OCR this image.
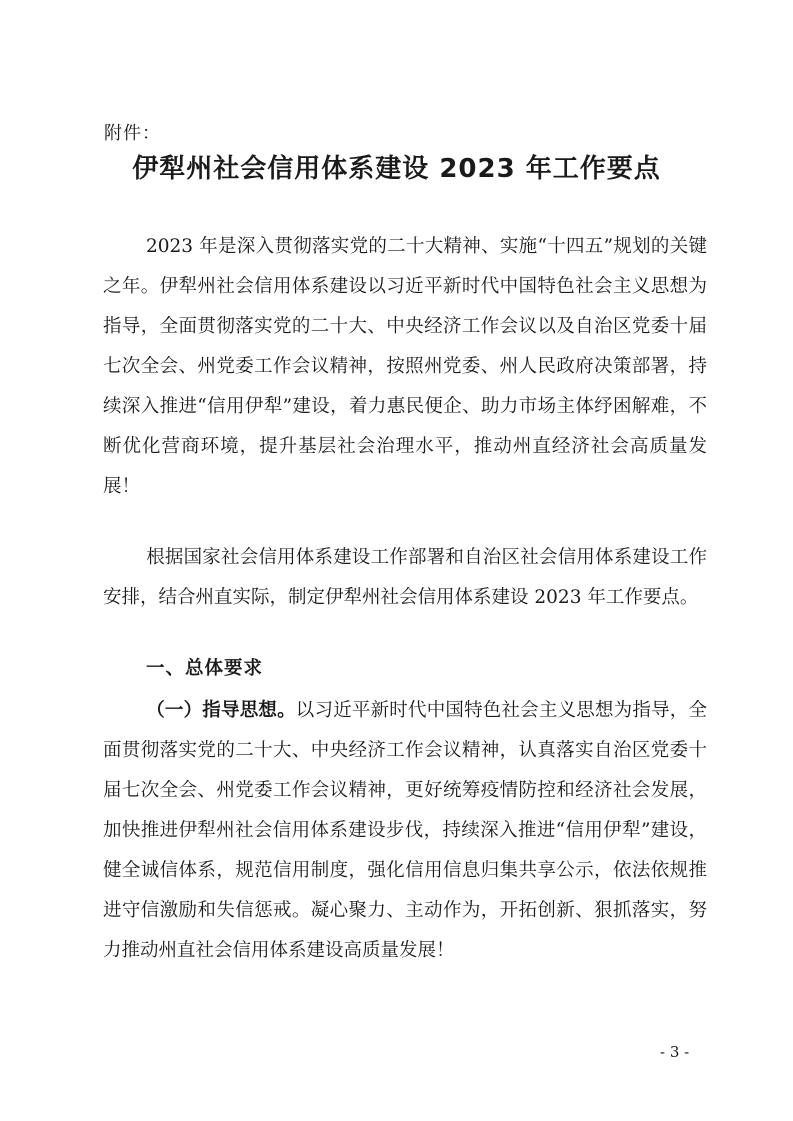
附件：

伊犁州社会信用体系建设 2023 年工作要点

2023 年是深入贯彻落实党的二十大精神、实施“十四五”规划的关键之年。伊犁州社会信用体系建设以习近平新时代中国特色社会主义思想为指导，全面贯彻落实党的二十大、中央经济工作会议以及自治区党委十届七次全会、州党委工作会议精神，按照州党委、州人民政府决策部署，持续深入推进“信用伊犁”建设，着力惠民便企、助力市场主体纾困解难，不断优化营商环境，提升基层社会治理水平，推动州直经济社会高质量发展！

根据国家社会信用体系建设工作部署和自治区社会信用体系建设工作安排，结合州直实际，制定伊犁州社会信用体系建设 2023 年工作要点。

一、总体要求

（一）指导思想。以习近平新时代中国特色社会主义思想为指导，全面贯彻落实党的二十大、中央经济工作会议精神，认真落实自治区党委十届七次全会、州党委工作会议精神，更好统筹疫情防控和经济社会发展，加快推进伊犁州社会信用体系建设步伐，持续深入推进“信用伊犁”建设，健全诚信体系，规范信用制度，强化信用信息归集共享公示，依法依规推进守信激励和失信惩戒。凝心聚力、主动作为，开拓创新、狠抓落实，努力推动州直社会信用体系建设高质量发展！

- 3 -
